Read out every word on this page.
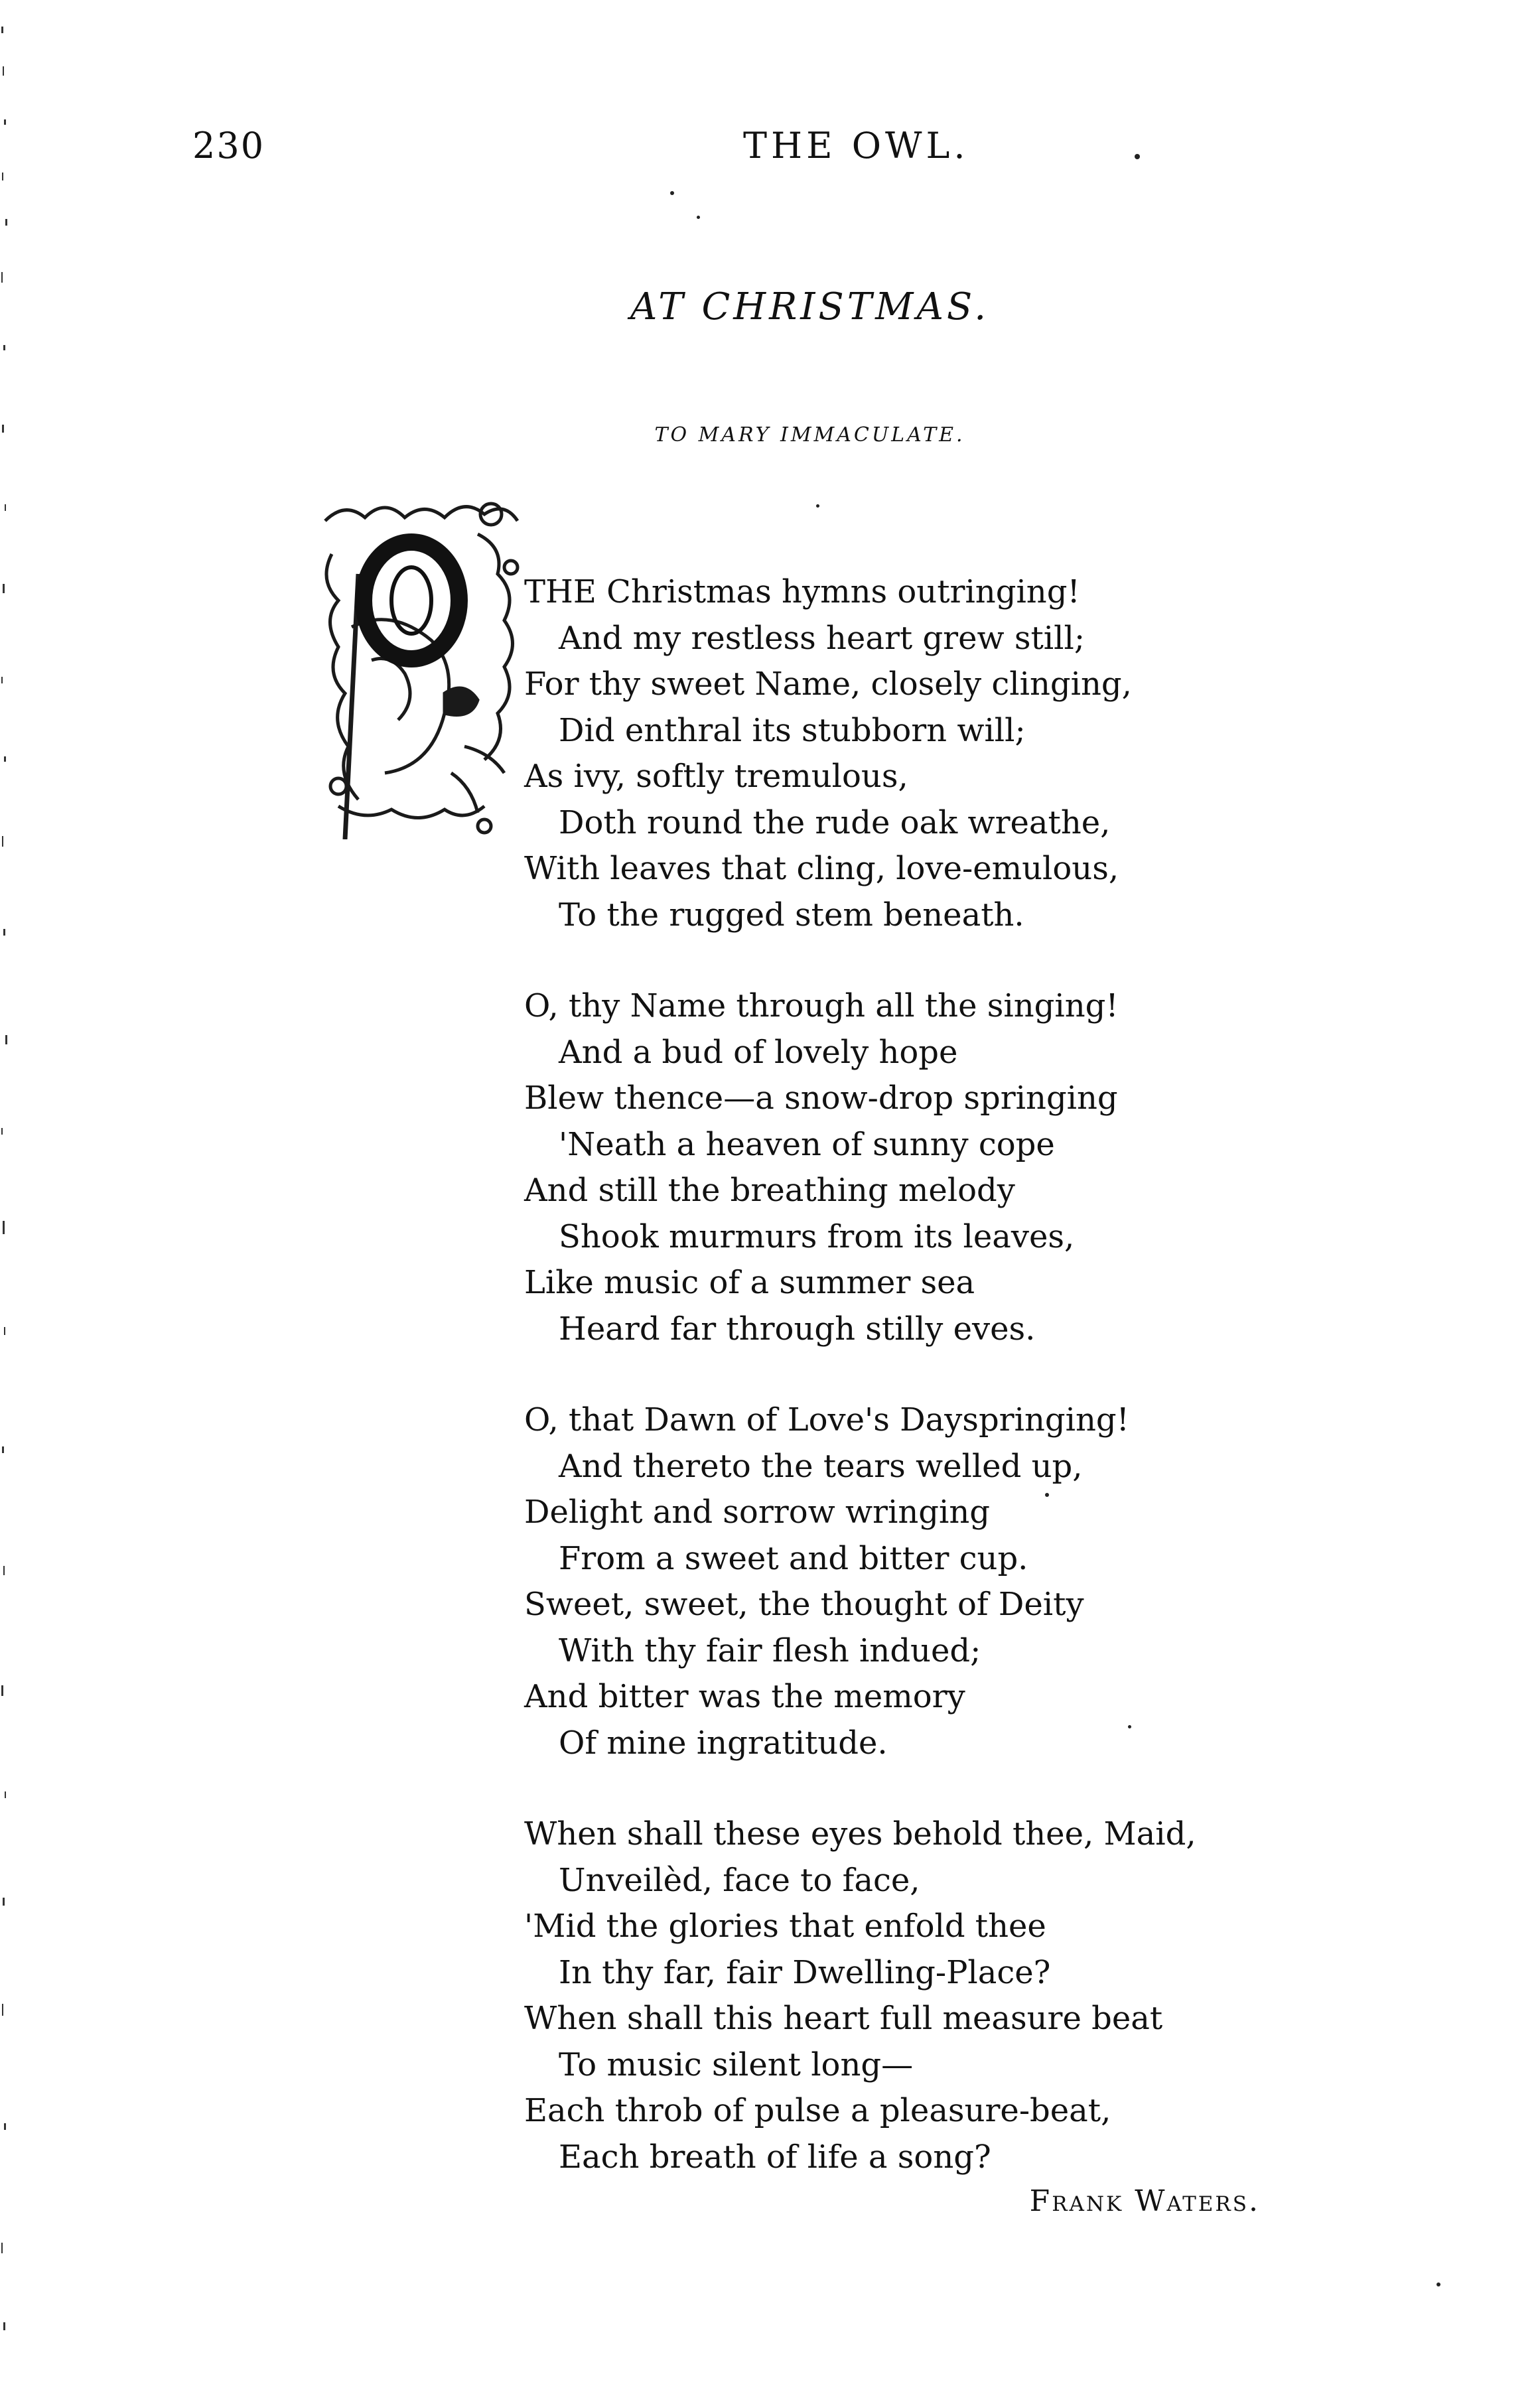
230	THE OWL.
AT CHRISTMAS.
TO MARY IMMACULATE.
THE Christmas hymns outringing!
And my restless heart grew still;
For thy sweet Name, closely clinging,
Did enthral its stubborn will;
As ivy, softly tremulous,
Doth round the rude oak wreathe,
With leaves that cling, love-emulous,
To the rugged stem beneath.
O, thy Name through all the singing!
And a bud of lovely hope
Blew thence—a snow-drop springing
'Neath a heaven of sunny cope
And still the breathing melody
Shook murmurs from its leaves,
Like music of a summer sea
Heard far through stilly eves.
O, that Dawn of Love's Dayspringing!
And thereto the tears welled up,
Delight and sorrow wringing
From a sweet and bitter cup.
Sweet, sweet, the thought of Deity
With thy fair flesh indued;
And bitter was the memory
Of mine ingratitude.
When shall these eyes behold thee, Maid,
Unveilèd, face to face,
'Mid the glories that enfold thee
In thy far, fair Dwelling-Place?
When shall this heart full measure beat
To music silent long—
Each throb of pulse a pleasure-beat,
Each breath of life a song?
Frank Waters.
